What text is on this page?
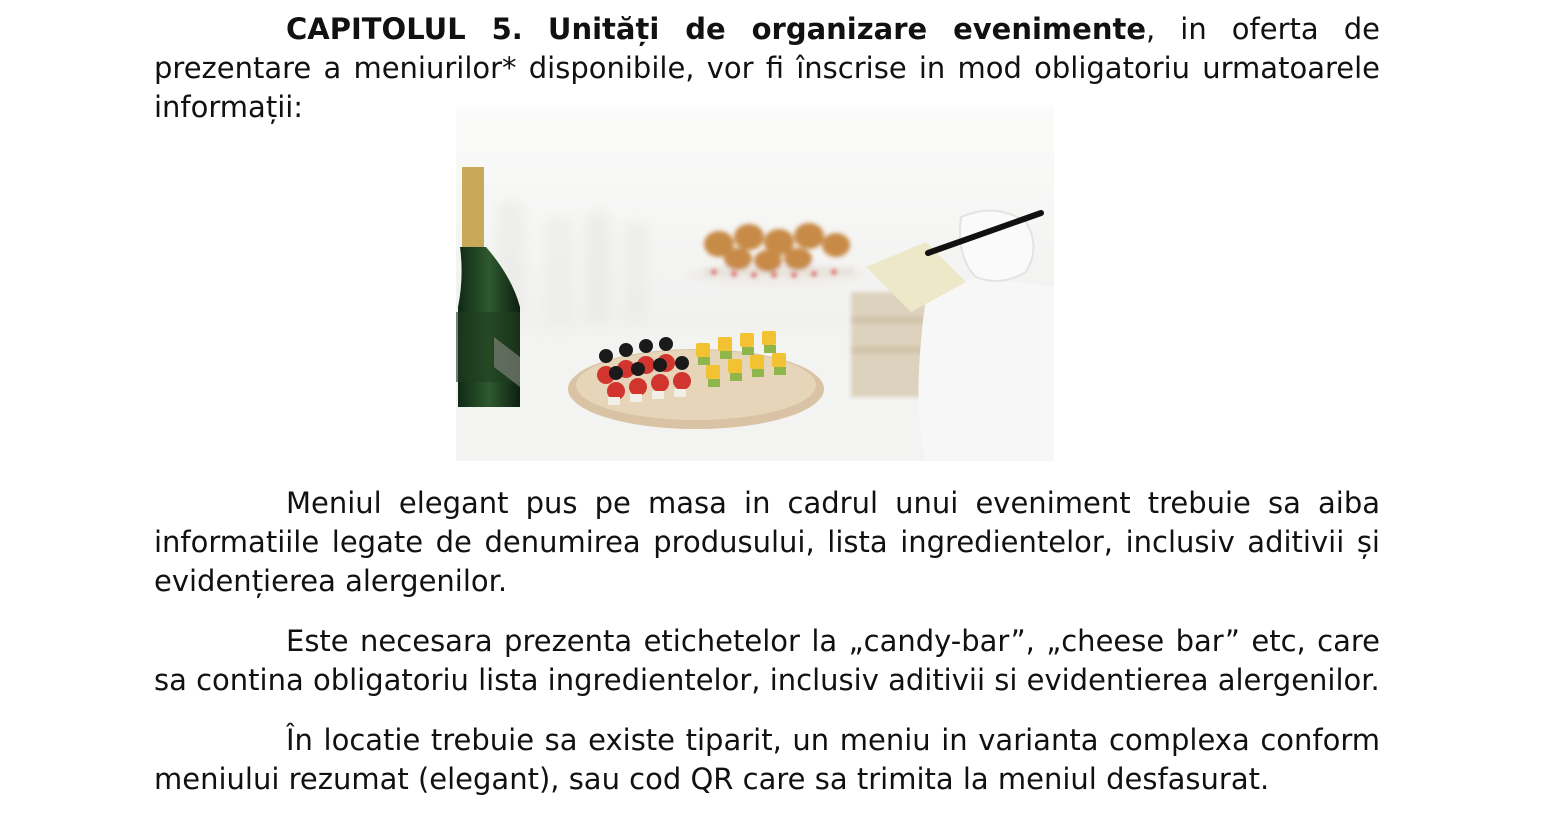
CAPITOLUL 5. Unități de organizare evenimente, in oferta de prezentare a meniurilor* disponibile, vor fi înscrise in mod obligatoriu urmatoarele informații:

Meniul elegant pus pe masa in cadrul unui eveniment trebuie sa aiba informatiile legate de denumirea produsului, lista ingredientelor, inclusiv aditivii și evidențierea alergenilor.

Este necesara prezenta etichetelor la „candy-bar”, „cheese bar” etc, care sa contina obligatoriu lista ingredientelor, inclusiv aditivii si evidentierea alergenilor.

În locatie trebuie sa existe tiparit, un meniu in varianta complexa conform meniului rezumat (elegant), sau cod QR care sa trimita la meniul desfasurat.
